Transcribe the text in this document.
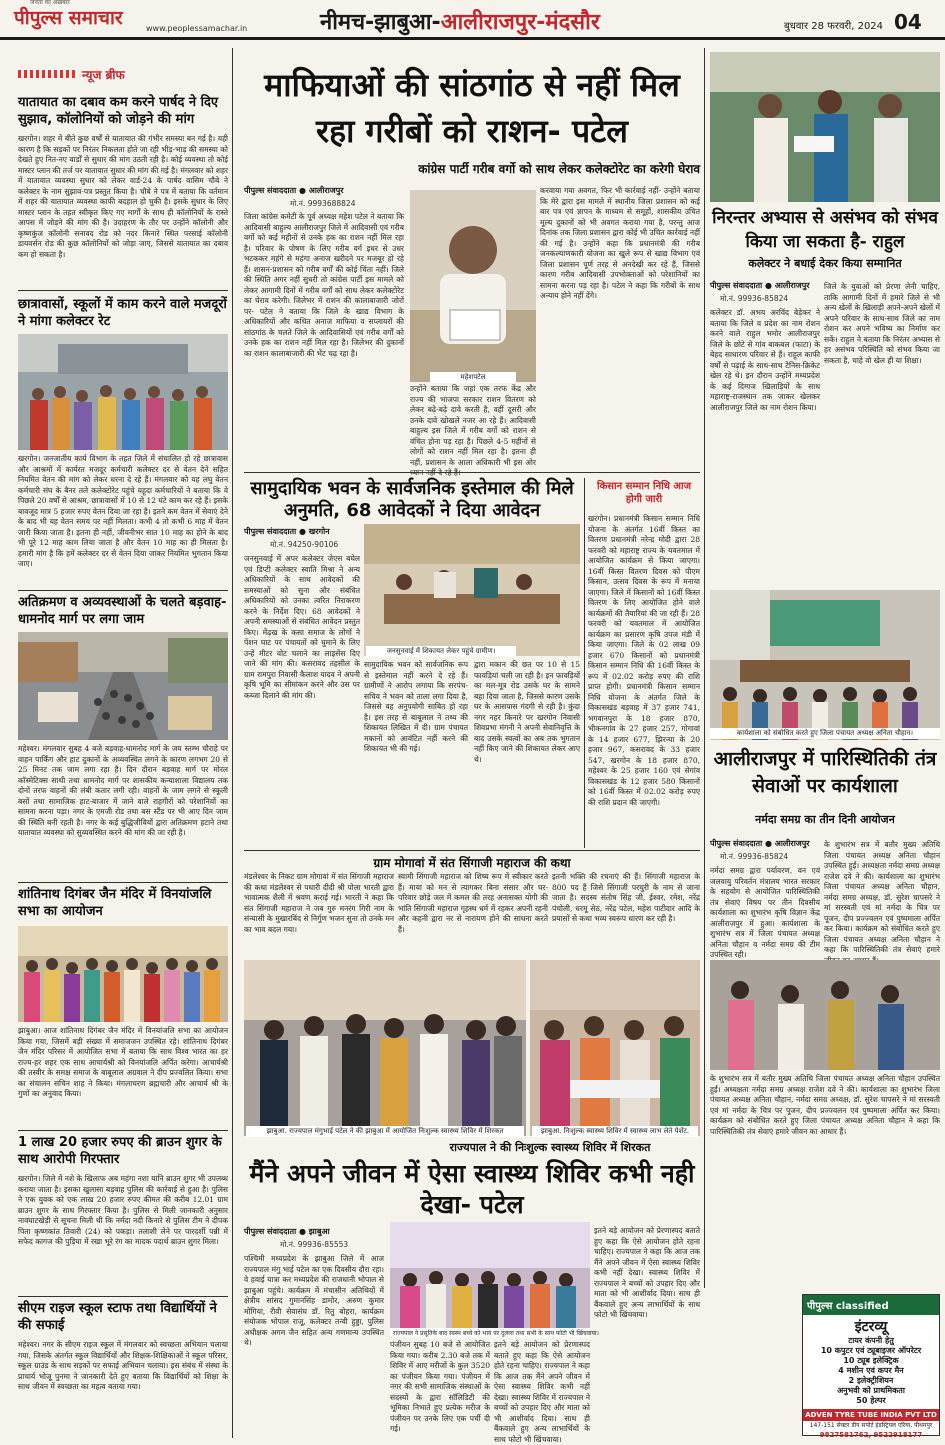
जनता का अख़बार
पीपुल्स समाचार	www.peoplessamachar.in	नीमच-झाबुआ-आलीराजपुर-मंदसौर	बुधवार 28 फरवरी, 2024 04
न्यूज ब्रीफ
यातायात का दबाव कम करने पार्षद ने दिए सुझाव, कॉलोनियों को जोड़ने की मांग
खरगोन। शहर में बीते कुछ वर्षों से यातायात की गंभीर समस्या बन गई है। यही कारण है कि सड़कों पर निरंतर निकलता होते जा रही भीड़-भाड़ की समस्या को देखते हुए नित-नए वार्डों से सुधार की मांग उठती रही है। कोई व्यवस्था तो कोई मास्टर प्लान की तर्ज पर यातायात सुधार की मांग की गई है। मंगलवार को शहर में यातायात व्यवस्था सुधार को लेकर वार्ड-24 के पार्षद वासिम चौबे ने कलेक्टर के नाम सुझाव-पत्र प्रस्तुत किया है। चौबे ने पत्र में बताया कि वर्तमान में शहर की यातायात व्यवस्था काफी बदहाल हो चुकी है। इसके सुधार के लिए मास्टर प्लान के तहत स्वीकृत किए गए मार्गों के साथ ही कॉलोनियों के रास्ते आपस में जोड़ने की मांग की है। उदाहरण के तौर पर उन्होंने कॉलोनी और कृष्णकुंज कॉलोनी सनावद रोड को नदर किनारे स्थित परसाई कॉलोनी डायवर्सन रोड की कुछ कॉलोनियों को जोड़ा जाए, जिससे यातायात का दबाव कम हो सकता है।
छात्रावासों, स्कूलों में काम करने वाले मजदूरों ने मांगा कलेक्टर रेट
खरगोन। जनजातीय कार्य विभाग के तहत जिले में संचालित हो रहे छात्रावास और आश्रमों में कार्यरत मजदूर कर्मचारी कलेक्टर दर से वेतन देने सहित नियमित वेतन की मांग को लेकर धरना दे रहे हैं। मंगलवार को यह लघु वेतन कर्मचारी संघ के बैनर तले कलेक्टोरेट पहुंचे यहूदा कर्मचारियों ने बताया कि वे पिछले 20 वर्षों से आश्रम, छात्रावासों में 10 से 12 घंटे काम कर रहे हैं। इसके बावजूद मात्र 5 हजार रुपए वेतन दिया जा रहा है। इतने कम वेतन में सेवाएं देने के बाद भी यह वेतन समय पर नहीं मिलता। कभी 4 तो कभी 6 माह में वेतन जारी किया जाता है। इतना ही नहीं, जीवनीभर सात 10 माह का होने के बाद भी पूरे 12 माह काम लिया जाता है और वेतन 10 माह का ही मिलता है। हमारी मांग है कि हमें कलेक्टर दर से वेतन दिया जाकर नियमित भुगतान किया जाए।
अतिक्रमण व अव्यवस्थाओं के चलते बड़वाह-धामनोद मार्ग पर लगा जाम
महेश्वर। मंगलवार सुबह 4 बजे बड़वाह-धामनोद मार्ग के जय स्तम्भ चौराहे पर वाहन पार्किंग और हाट दुकानों के अव्यवस्थित लगने के कारण लगभग 20 से 25 मिनट तक जाम लगा रहा है। दिन दौरान बड़वाह मार्ग पर मोरल कॉस्मेटिक्स साथी तथा धामनोद मार्ग पर शासकीय कन्याशाला विद्यालय तक दोनों तरफ वाहनों की लंबी कतार लगी रही। वाहनों के जाम लगने से स्कूली बसों तथा सामाजिक हाट-बाजार में जाने वाले राहगीरों को परेशानियों का सामना करना पड़ा। नगर के एमजी रोड तथा बस स्टैंड पर भी आए दिन जाम की स्थिति बनी रहती है। नगर के कई बुद्धिजीवियों द्वारा अतिक्रमण हटाने तथा यातायात व्यवस्था को सुव्यवस्थित करने की मांग की जा रही है।
शांतिनाथ दिगंबर जैन मंदिर में विनयांजलि सभा का आयोजन
झाबुआ। आज शांतिनाथ दिगंबर जैन मंदिर में विनयांजलि सभा का आयोजन किया गया, जिसमें बड़ी संख्या में समाजजन उपस्थित रहे। शांतिनाथ दिगंबर जैन मंदिर परिसर में आयोजित सभा में बताया कि साथ विश्व भारत का हर राज्य-हर शहर एक साथ आचार्यश्री को विनयांजलि अर्पित करेगा। आचार्यश्री की तस्वीर के समक्ष समाज के बाबूलाल अग्रवाल ने दीप प्रज्वलित किया। सभा का संचालन सचिन शाह ने किया। मंगलाचरण ब्रह्मचारी और आचार्य श्री के गुणों का अनुवाद किया।
1 लाख 20 हजार रुपए की ब्राउन शुगर के साथ आरोपी गिरफ्तार
खरगोन। जिले में नशे के खिलाफ अब महंगा नशा यानि ब्राउन शुगर भी उपलब्ध कराया जाता है। इसका खुलासा बड़वाह पुलिस की कार्रवाई से हुआ है। पुलिस ने एक युवक को एक लाख 20 हजार रुपए कीमत की करीब 12.01 ग्राम ब्राउन शुगर के साथ गिरफ्तार किया है। पुलिस से मिली जानकारी अनुसार नावघाटखेड़ी से सूचना मिली थी कि नर्मदा नदी किनारे से पुलिस टीम ने दीपक पिता कृष्णकांत तिवारी (24) को पकड़ा। तलाशी लेने पर पारदर्शी पन्नी में सफेद कागज की पुड़िया में रखा भूरे रंग का मादक पदार्थ ब्राउन शुगर मिला।
सीएम राइज स्कूल स्टाफ तथा विद्यार्थियों ने की सफाई
महेश्वर। नगर के सीएम राइज स्कूल में मंगलवार को स्वच्छता अभियान चलाया गया, जिसके अंतर्गत स्कूल विद्यार्थियों और शिक्षक-शिक्षिकाओं ने स्कूल परिसर, स्कूल ग्राउंड के साथ सड़कों पर सफाई अभियान चलाया। इस संबंध में संस्था के प्राचार्य भोजू पुनमा ने जानकारी देते हुए बताया कि विद्यार्थियों को शिक्षा के साथ जीवन में स्वच्छता का महत्व बताया गया।
माफियाओं की सांठगांठ से नहीं मिल रहा गरीबों को राशन- पटेल
कांग्रेस पार्टी गरीब वर्गो को साथ लेकर कलेक्टोरेट का करेगी घेराव
पीपुल्स संवाददाता ● आलीराजपुर
मो.नं. 9993688824
जिला कांग्रेस कमेटी के पूर्व अध्यक्ष महेश पटेल ने बताया कि आदिवासी बाहुल्य आलीराजपुर जिले में आदिवासी एवं गरीब वर्गो को कई महीनों से उनके हक का राशन नहीं मिल रहा है। परिवार के पोषण के लिए गरीब वर्ग इधर से उधर भटककर महंगे से महंगा अनाज खरीदने पर मजबूर हो रहे हैं। शासन-प्रशासन को गरीब वर्गों की कोई चिंता नहीं। जिले की स्थिति अगर नहीं सुधरी तो कांग्रेस पार्टी इस मामले को लेकर आगामी दिनों में गरीब वर्गों को साथ लेकर कलेक्टोरेट का घेराव करेगी। जिलेभर में राशन की कालाबाजारी जोरों पर- पटेल ने बताया कि जिले के खाद्य विभाग के अधिकारियों और कथित अनाज माफिया व सप्लायरों की सांठगांठ के चलते जिले के आदिवासियों एवं गरीब वर्गों को उनके हक का राशन नहीं मिल रहा है। जिलेभर की दुकानों का राशन कालाबाजारी की भेंट चढ़ रहा है।
महेशपटेल
उन्होंने बताया कि जहां एक तरफ केंद्र और राज्य की भाजपा सरकार राशन वितरण को लेकर बढ़े-बढ़े दावे करती है, वहीं दूसरी और उनके दावे खोखले नजर आ रहे हैं। आदिवासी बाहुल्य इस जिले में गरीब वर्गो को राशन से वंचित होना पड़ रहा है। पिछले 4-5 महीनों से लोगों को राशन नहीं मिल रहा है। इतना ही नहीं, प्रशासन के आला अधिकारी भी इस ओर
करवाया गया अवगत, फिर भी कार्रवाई नहीं- उन्होंने बताया कि मेरे द्वारा इस मामले में स्थानीय जिला प्रशासन को कई बार पत्र एवं ज्ञापन के माध्यम से समूहों, शासकीय उचित मूल्य दुकानों को भी अवगत कराया गया है, परन्तु आज दिनांक तक जिला प्रशासन द्वारा कोई भी उचित कार्रवाई नहीं की गई है। उन्होंने कहा कि प्रधानमंत्री की गरीब जनकल्याणकारी योजना का खुले रूप से खाद्य विभाग एवं जिला प्रशासन पूर्ण तरह से अनदेखी कर रहे हैं, जिससे कारण गरीब आदिवासी उपभोक्ताओं को परेशानियों का सामना करना पड़ रहा है। पटेल ने कहा कि गरीबों के साथ अन्याय होने नहीं देंगे।
सामुदायिक भवन के सार्वजनिक इस्तेमाल की मिले अनुमति, 68 आवेदकों ने दिया आवेदन
पीपुल्स संवाददाता ● खरगोन
मो.नं. 94250-90106
जनसुनवाई में शिकायत लेकर पहुंचे ग्रामीण।
जनसुनवाई में अपर कलेक्टर जेएस बघेल एवं डिप्टी कलेक्टर स्वाति मिश्रा ने अन्य अधिकारियों के साथ आवेदकों की समस्याओं को सुना और संबंधित अधिकारियों को उनका त्वरित निराकरण करने के निर्देश दिए। 68 आवेदकों ने अपनी समस्याओं से संबंधित आवेदन प्रस्तुत किए। मेंढ़ख के कसा समाज के लोगों ने पेंशन घाट पर पंचायतों को घुमाने के लिए उन्हें मीटर वोट चलाने का लाइसेंस दिए जाने की मांग की। कसरावद तहसील के ग्राम रामपुरा निवासी कैलाश यादव ने अपनी कृषि भूमि का सीमांकन करने और उस पर कब्जा दिलाने की मांग की।
सामुदायिक भवन को सार्वजनिक रूप से इस्तेमाल नहीं करने दे रहे हैं। ग्रामीणों ने आरोप लगाया कि सरपंच-सचिव ने भवन को ताला लगा दिया है, जिससे वह अनुपयोगी साबित हो रहा है। इस तरह से बाबूलाल ने तथ्य की शिकायत लिखित में दी। ग्राम पंचायत मकानों को आवंटित नहीं करने की शिकायत भी की गई।
द्वारा मकान की छत पर 10 से 15 फावड़ियां चली जा रही है। इन फावड़ियों का मल-मूत्र रोड उसके घर के सामने बहा दिया जाता है, जिससे कारण उसके घर के आसपास गंदगी से रही है। कुंदा नगर नहर किनारे पर खरगोन निवासी शिवप्रभा मंगनी ने अपनी सेवानिवृत्ति के बाद उसके स्वत्वों का अब तक भुगतान नहीं किए जाने की शिकायत लेकर आए थे।
किसान सम्मान निधि आज होगी जारी
खरगोन। प्रधानमंत्री किसान सम्मान निधि योजना के अंतर्गत 16वीं किस्त का वितरण प्रधानमंत्री नरेन्द्र मोदी द्वारा 28 फरवरी को महाराष्ट्र राज्य के यवतमाल में आयोजित कार्यक्रम से किया जाएगा। 16वीं किस्त वितरण दिवस को पीएम किसान, उत्सव दिवस के रूप में मनाया जाएगा। जिले में किसानों को 16वीं किस्त वितरण के लिए आयोजित होने वाले कार्यक्रमों की तैयारियां की जा रही हैं। 28 फरवरी को यवतमाल में आयोजित कार्यक्रम का प्रसारण कृषि उपज मंडी में किया जाएगा। जिले के 02 लाख 09 हजार 670 किसानों को प्रधानमंत्री किसान सम्मान निधि की 16वीं किस्त के रूप में 02.02 करोड़ रुपए की राशि प्राप्त होगी। प्रधानमंत्री किसान सम्मान निधि योजना के अंतर्गत जिले के विकासखंड बड़वाह में 37 हजार 741, भगवानपुरा के 18 हजार 870, भीकनगांव के 27 हजार 257, गोगावां के 14 हजार 677, झिरन्या के 20 हजार 967, कसरावद के 33 हजार 547, खरगोन के 18 हजार 870, महेश्वर के 25 हजार 160 एवं सेगांव विकासखंड के 12 हजार 580 किसानों को 16वीं किस्त में 02.02 करोड़ रुपए की राशि प्रदान की जाएगी।
ग्राम मोगावां में संत सिंगाजी महाराज की कथा
मंडलेश्वर के निकट ग्राम मोगावां में संत सिंगाजी महाराज की कथा मंडलेश्वर से पधारी दीदी श्री पोला भारती द्वारा भावात्मक शैली में श्रवण कराई गई। भारती ने कहा कि संत सिंगाजी महाराज ने जब गुरु मनरंग गिरी नाम के संन्यासी के मुखारबिंद से निर्गुण भजन सुना तो उनके मन का भाव बदल गया।
स्वामी सिंगाजी महाराज को शिष्य रूप में स्वीकार करते हैं। माया को मन से त्यागकर बिना संसार और घर-परिवार छोड़े जल में कमल की तरह अनासक्त योगी की भांति सिंगाजी महाराज गृहस्थ धर्म में रहकर अपनी रहनी और कहनी द्वारा नर से नारायण होने की साधना करते हैं।
इतनी भक्ति की रचनाएं की हैं। सिंगाजी महाराज के 800 पद हैं जिसे सिंगाजी परचुरी के नाम से जाना जाता है। सदस्य संतोष सिंह जी, ईश्वर, रमेश, नरेंद्र पंचोली, धरमू सेठ, नरेंद्र पटेल, महेश पाटीदार आदि के प्रयासों से कथा भव्य स्वरूप धारण कर रही है।
झाबुआ. राज्यपाल मंगुभाई पटेल ने की झाबुआ में आयोजित निःशुल्क स्वास्थ्य शिविर में शिरकत	झाबुआ. निःशुल्क स्वास्थ्य शिविर में स्वास्थ्य लाभ लेते पेशेंट.
राज्यपाल ने की निःशुल्क स्वास्थ्य शिविर में शिरकत
मैंने अपने जीवन में ऐसा स्वास्थ्य शिविर कभी नही देखा- पटेल
पीपुल्स संवाददाता ● झाबुआ
मो.नं. 99936-85553
पश्चिमी मध्यप्रदेश के झाबुआ जिले में आज राज्यपाल मंगु भाई पटेल का एक दिवसीय दौरा रहा। वे हवाई यात्रा कर मध्यप्रदेश की राजधानी भोपाल से झाबुआ पहुंचे। कार्यक्रम में मंचासीन अतिथियों में क्षेत्रीय सांसद गुमानसिंह डामोर, अरुण कुमार मोंगिया, रीवी सेवासंघ डॉ. रितु बोहरा, कार्यक्रम संयोजक भोपाल राजू, कलेक्टर तन्वी हुड्डा, पुलिस अधीक्षक अगम जैन सहित अन्य गणमान्य उपस्थित थे।
राज्यपाल ने प्रसूतिके बाद स्वस्थ बच्चे को भाव पर दुलारा तथा सभी के साथ फोटो भी खिंचवाया।
पंजीयन सुबह 10 बजे से आयोजित किया गया। करीब 2.30 बजे तक में शिविर में आए मरीजों के कुल 3520 का पंजीयन किया गया। पंजीयन में नगर की सभी सामाजिक संस्थाओं के सदस्यों के द्वारा सॉलिडिटी की भूमिका निभाते हुए प्रत्येक मरीज के पंजीयन पर उनके लिए एक पर्ची दी गई।
इतने बड़े आयोजन को प्रेरणास्पद बताते हुए कहा कि ऐसे आयोजन होते रहना चाहिए। राज्यपाल ने कहा कि आज तक मैंने अपने जीवन में ऐसा स्वास्थ्य शिविर कभी नहीं देखा। स्वास्थ्य शिविर में राज्यपाल ने बच्चों को उपहार दिए और माता को भी आशीर्वाद दिया। साथ ही बैंकवाले हुए अन्य लाभार्थियों के साथ फोटो भी खिंचवाया।
इतने बड़े आयोजन को प्रेरणास्पद बताते हुए कहा कि ऐसे आयोजन होते रहना चाहिए। राज्यपाल ने कहा कि आज तक मैंने अपने जीवन में ऐसा स्वास्थ्य शिविर कभी नहीं देखा। स्वास्थ्य शिविर में राज्यपाल ने बच्चों को उपहार दिए और माता को भी आशीर्वाद दिया। साथ ही बैंकवाले हुए अन्य लाभार्थियों के साथ फोटो भी खिंचवाया।
निरन्तर अभ्यास से असंभव को संभव किया जा सकता है- राहुल
कलेक्टर ने बधाई देकर किया सम्मानित
पीपुल्स संवाददाता ● आलीराजपुर
मो.नं. 99936-85824
कलेक्टर डॉ. अभय अरविंद बेड़ेकर ने बताया कि जिले व प्रदेश का नाम रोशन करने वाले राहुल भमोर आलीराजपुर जिले के छोटे से गांव बाकबल (फाटा) के बेहद साधारण परिवार से हैं। राहुल काफी वर्षों से पढ़ाई के साथ-साथ टेनिस-क्रिकेट खेल रहे थे। इन दौरान उन्होंने मध्यप्रदेश के कई दिग्गज खिलाड़ियों के साथ महाराष्ट्र-राजस्थान तक जाकर खेलकर आलीराजपुर जिले का नाम रोशन किया।
जिले के युवाओं को प्रेरणा लेनी चाहिए, ताकि आगामी दिनों में हमारे जिले से भी अन्य खेलों के खिलाड़ी अपने-अपने खेलों में अपने परिवार के साथ-साथ जिले का नाम रोशन कर अपने भविष्य का निर्माण कर सकें। राहुल ने बताया कि निरंतर अभ्यास से हर असंभव परिस्थिति को संभव किया जा सकता है, चाहे वो खेल ही या शिक्षा।
कार्यशाला को संबोधित करते हुए जिला पंचायत अध्यक्ष अनिता चौहान।
आलीराजपुर में पारिस्थितिकी तंत्र सेवाओं पर कार्यशाला
नर्मदा समग्र का तीन दिनी आयोजन
पीपुल्स संवाददाता ● आलीराजपुर
मो.नं. 99936-85824
नर्मदा समग्र द्वारा पर्यावरण, वन एवं जलवायु परिवर्तन मंत्रालय भारत सरकार के सहयोग से आयोजित पारिस्थितिकी तंत्र सेवाएं विषय पर तीन दिवसीय कार्यशाला का शुभारंभ कृषि विज्ञान केंद्र आलीराजपुर में हुआ। कार्यशाला के शुभारंभ सत्र में जिला पंचायत अध्यक्ष अनिता चौहान व नर्मदा समग्र की टीम उपस्थित रही।
के शुभारंभ सत्र में बतौर मुख्य अतिथि जिला पंचायत अध्यक्ष अनिता चौहान उपस्थित हुईं। अध्यक्षता नर्मदा समग्र अध्यक्ष राजेश दवे ने की। कार्यशाला का शुभारंभ जिला पंचायत अध्यक्ष अनिता चौहान, नर्मदा समग्र अध्यक्ष, डॉ. सुरेश चापसरे ने मां सरस्वती एवं मां नर्मदा के चित्र पर पूजन, दीप प्रज्ज्वलन एवं पुष्पमाला अर्पित कर किया। कार्यक्रम को संबोधित करते हुए जिला पंचायत अध्यक्ष अनिता चौहान ने कहा कि पारिस्थितिकी तंत्र सेवाएं हमारे
के शुभारंभ सत्र में बतौर मुख्य अतिथि जिला पंचायत अध्यक्ष अनिता चौहान उपस्थित हुईं। अध्यक्षता नर्मदा समग्र अध्यक्ष राजेश दवे ने की। कार्यशाला का शुभारंभ जिला पंचायत अध्यक्ष अनिता चौहान, नर्मदा समग्र अध्यक्ष, डॉ. सुरेश चापसरे ने मां सरस्वती एवं मां नर्मदा के चित्र पर पूजन, दीप प्रज्ज्वलन एवं पुष्पमाला अर्पित कर किया। कार्यक्रम को संबोधित करते हुए जिला पंचायत अध्यक्ष अनिता चौहान ने कहा कि पारिस्थितिकी तंत्र सेवाएं हमारे जीवन का आधार हैं।
पीपुल्स classified
इंटरव्यू
टायर कंपनी हेतु
10 कपुटर एवं ट्यूबाइजर ऑपरेटर
10 ट्यूब इलेक्ट्रिक
4 मशीन एवं कपर मैन
2 इलेक्ट्रीशियन
अनुभवी को प्राथमिकता
50 हेल्पर
ADVEN TYRE TUBE INDIA PVT LTD
147-151 सेक्टर डीप सपोर्ट इंडस्ट्रियल एरिया, पीथमपुर
9827581762, 9522918177
